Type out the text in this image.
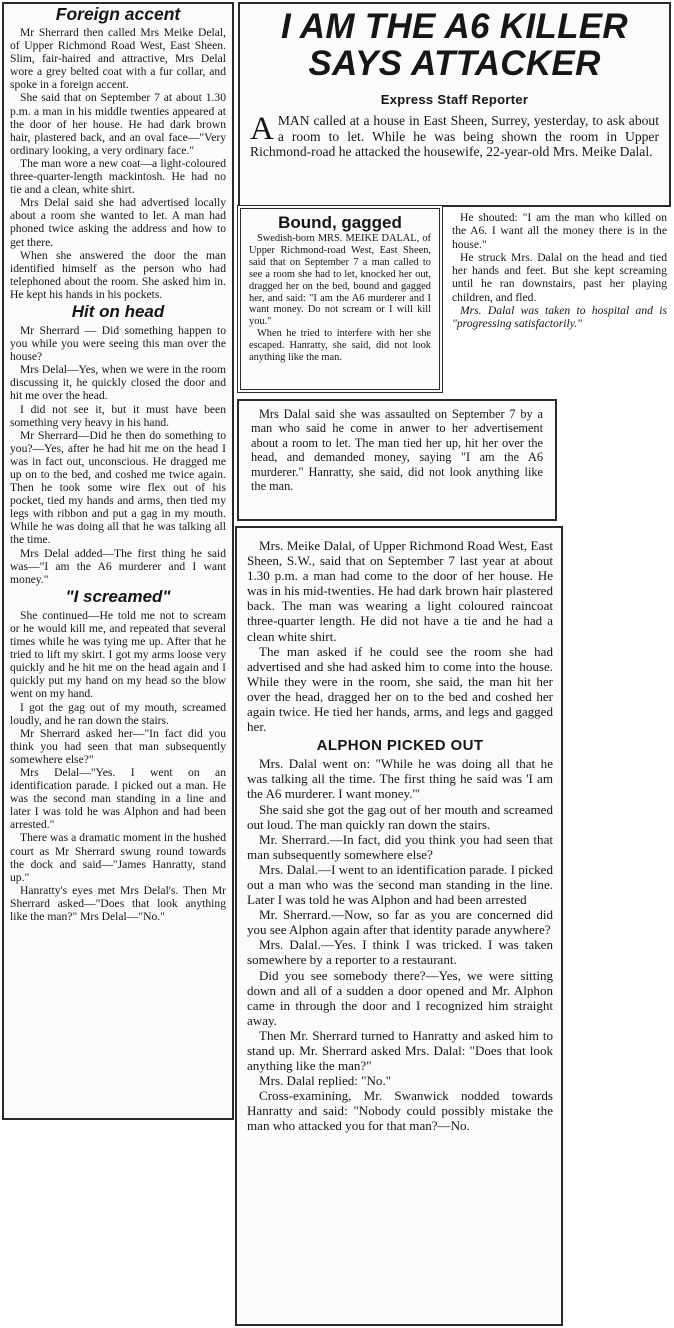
Foreign accent

Mr Sherrard then called Mrs Meike Delal, of Upper Richmond Road West, East Sheen. Slim, fair-haired and attractive, Mrs Delal wore a grey belted coat with a fur collar, and spoke in a foreign accent.

She said that on September 7 at about 1.30 p.m. a man in his middle twenties appeared at the door of her house. He had dark brown hair, plastered back, and an oval face—"Very ordinary looking, a very ordinary face."

The man wore a new coat—a light-coloured three-quarter-length mackintosh. He had no tie and a clean, white shirt.

Mrs Delal said she had advertised locally about a room she wanted to let. A man had phoned twice asking the address and how to get there.

When she answered the door the man identified himself as the person who had telephoned about the room. She asked him in. He kept his hands in his pockets.

Hit on head

Mr Sherrard — Did something happen to you while you were seeing this man over the house?

Mrs Delal—Yes, when we were in the room discussing it, he quickly closed the door and hit me over the head.

I did not see it, but it must have been something very heavy in his hand.

Mr Sherrard—Did he then do something to you?—Yes, after he had hit me on the head I was in fact out, unconscious. He dragged me up on to the bed, and coshed me twice again. Then he took some wire flex out of his pocket, tied my hands and arms, then tied my legs with ribbon and put a gag in my mouth. While he was doing all that he was talking all the time.

Mrs Delal added—The first thing he said was—"I am the A6 murderer and I want money."

"I screamed"

She continued—He told me not to scream or he would kill me, and repeated that several times while he was tying me up. After that he tried to lift my skirt. I got my arms loose very quickly and he hit me on the head again and I quickly put my hand on my head so the blow went on my hand.

I got the gag out of my mouth, screamed loudly, and he ran down the stairs.

Mr Sherrard asked her—"In fact did you think you had seen that man subsequently somewhere else?"

Mrs Delal—"Yes. I went on an identification parade. I picked out a man. He was the second man standing in a line and later I was told he was Alphon and had been arrested."

There was a dramatic moment in the hushed court as Mr Sherrard swung round towards the dock and said—"James Hanratty, stand up."

Hanratty's eyes met Mrs Delal's. Then Mr Sherrard asked—"Does that look anything like the man?" Mrs Delal—"No."

I AM THE A6 KILLER

SAYS ATTACKER

Express Staff Reporter

AMAN called at a house in East Sheen, Surrey, yesterday, to ask about a room to let. While he was being shown the room in Upper Richmond-road he attacked the housewife, 22-year-old Mrs. Meike Dalal.

He shouted: "I am the man who killed on the A6. I want all the money there is in the house."

He struck Mrs. Dalal on the head and tied her hands and feet. But she kept screaming until he ran downstairs, past her playing children, and fled.

Mrs. Dalal was taken to hospital and is "progressing satisfactorily."

Bound, gagged

Swedish-born MRS. MEIKE DALAL, of Upper Richmond-road West, East Sheen, said that on September 7 a man called to see a room she had to let, knocked her out, dragged her on the bed, bound and gagged her, and said: "I am the A6 murderer and I want money. Do not scream or I will kill you."

When he tried to interfere with her she escaped. Hanratty, she said, did not look anything like the man.

Mrs Dalal said she was assaulted on September 7 by a man who said he come in anwer to her advertisement about a room to let. The man tied her up, hit her over the head, and demanded money, saying "I am the A6 murderer." Hanratty, she said, did not look anything like the man.

Mrs. Meike Dalal, of Upper Richmond Road West, East Sheen, S.W., said that on September 7 last year at about 1.30 p.m. a man had come to the door of her house. He was in his mid-twenties. He had dark brown hair plastered back. The man was wearing a light coloured raincoat three-quarter length. He did not have a tie and he had a clean white shirt.

The man asked if he could see the room she had advertised and she had asked him to come into the house. While they were in the room, she said, the man hit her over the head, dragged her on to the bed and coshed her again twice. He tied her hands, arms, and legs and gagged her.

ALPHON PICKED OUT

Mrs. Dalal went on: "While he was doing all that he was talking all the time. The first thing he said was 'I am the A6 murderer. I want money.'"

She said she got the gag out of her mouth and screamed out loud. The man quickly ran down the stairs.

Mr. Sherrard.—In fact, did you think you had seen that man subsequently somewhere else?

Mrs. Dalal.—I went to an identification parade. I picked out a man who was the second man standing in the line. Later I was told he was Alphon and had been arrested

Mr. Sherrard.—Now, so far as you are concerned did you see Alphon again after that identity parade anywhere?

Mrs. Dalal.—Yes. I think I was tricked. I was taken somewhere by a reporter to a restaurant.

Did you see somebody there?—Yes, we were sitting down and all of a sudden a door opened and Mr. Alphon came in through the door and I recognized him straight away.

Then Mr. Sherrard turned to Hanratty and asked him to stand up. Mr. Sherrard asked Mrs. Dalal: "Does that look anything like the man?"

Mrs. Dalal replied: "No."

Cross-examining, Mr. Swanwick nodded towards Hanratty and said: "Nobody could possibly mistake the man who attacked you for that man?—No.
